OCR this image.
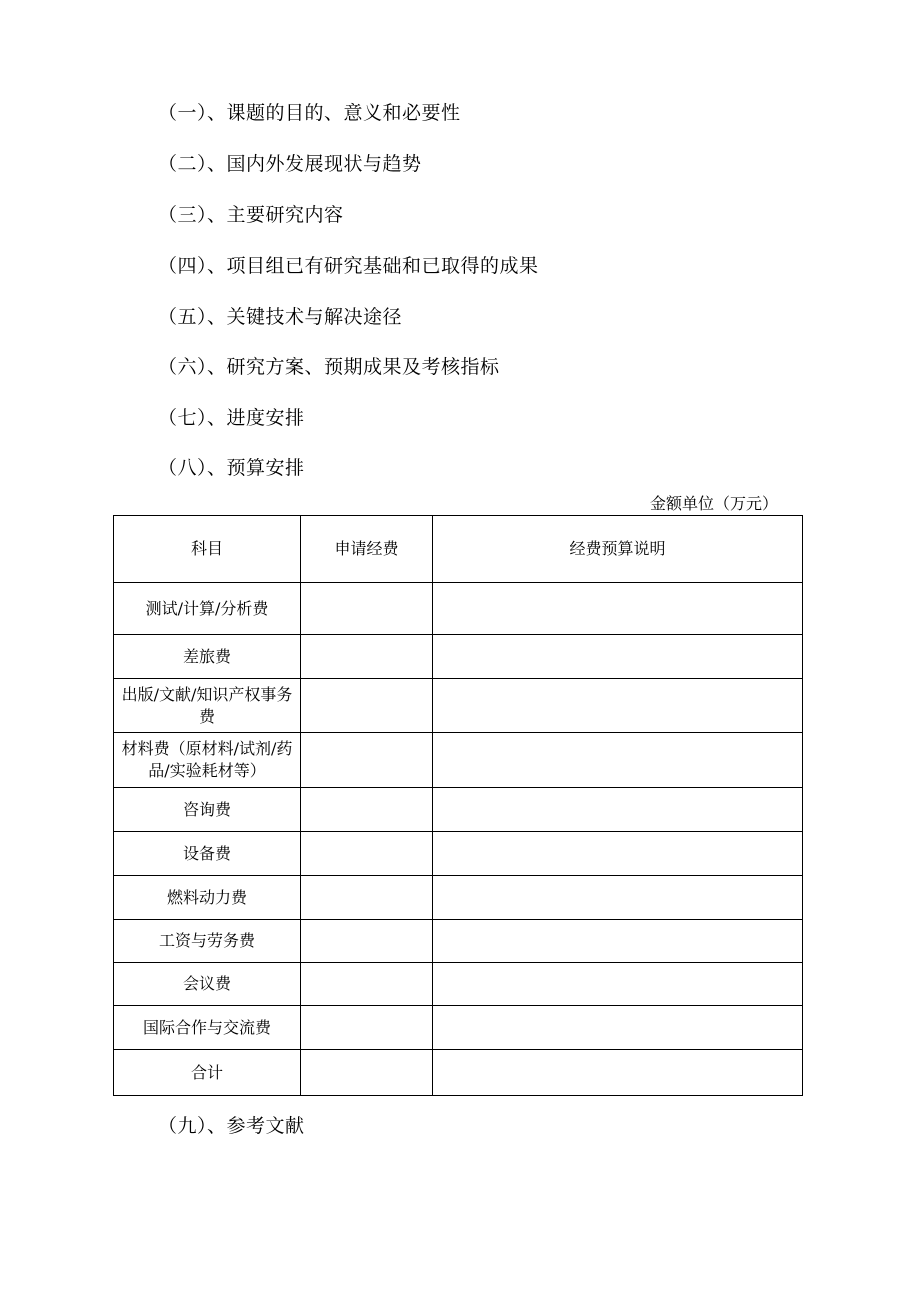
（一）、课题的目的、意义和必要性
（二）、国内外发展现状与趋势
（三）、主要研究内容
（四）、项目组已有研究基础和已取得的成果
（五）、关键技术与解决途径
（六）、研究方案、预期成果及考核指标
（七）、进度安排
（八）、预算安排
金额单位（万元）
科目	申请经费	经费预算说明
测试/计算/分析费		
差旅费		
出版/文献/知识产权事务费		
材料费（原材料/试剂/药品/实验耗材等）		
咨询费		
设备费		
燃料动力费		
工资与劳务费		
会议费		
国际合作与交流费		
合计		
（九）、参考文献
